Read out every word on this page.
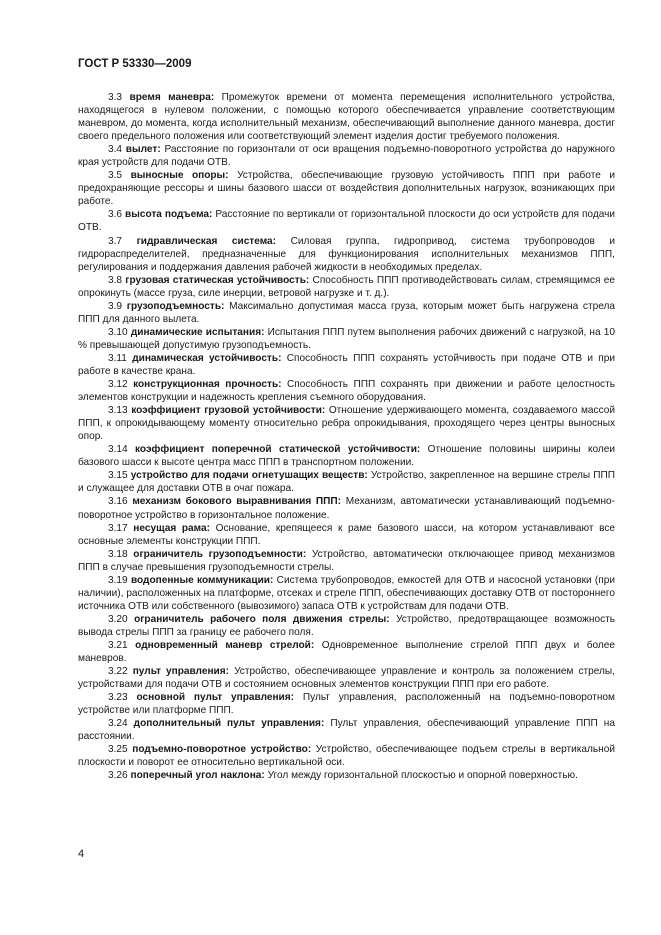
ГОСТ Р 53330—2009

3.3 время маневра: Промежуток времени от момента перемещения исполнительного устройства, находящегося в нулевом положении, с помощью которого обеспечивается управление соответствующим маневром, до момента, когда исполнительный механизм, обеспечивающий выполнение данного маневра, достиг своего предельного положения или соответствующий элемент изделия достиг требуемого положения.

3.4 вылет: Расстояние по горизонтали от оси вращения подъемно-поворотного устройства до наружного края устройств для подачи ОТВ.

3.5 выносные опоры: Устройства, обеспечивающие грузовую устойчивость ППП при работе и предохраняющие рессоры и шины базового шасси от воздействия дополнительных нагрузок, возникающих при работе.

3.6 высота подъема: Расстояние по вертикали от горизонтальной плоскости до оси устройств для подачи ОТВ.

3.7 гидравлическая система: Силовая группа, гидропривод, система трубопроводов и гидрораспределителей, предназначенные для функционирования исполнительных механизмов ППП, регулирования и поддержания давления рабочей жидкости в необходимых пределах.

3.8 грузовая статическая устойчивость: Способность ППП противодействовать силам, стремящимся ее опрокинуть (массе груза, силе инерции, ветровой нагрузке и т. д.).

3.9 грузоподъемность: Максимально допустимая масса груза, которым может быть нагружена стрела ППП для данного вылета.

3.10 динамические испытания: Испытания ППП путем выполнения рабочих движений с нагрузкой, на 10 % превышающей допустимую грузоподъемность.

3.11 динамическая устойчивость: Способность ППП сохранять устойчивость при подаче ОТВ и при работе в качестве крана.

3.12 конструкционная прочность: Способность ППП сохранять при движении и работе целостность элементов конструкции и надежность крепления съемного оборудования.

3.13 коэффициент грузовой устойчивости: Отношение удерживающего момента, создаваемого массой ППП, к опрокидывающему моменту относительно ребра опрокидывания, проходящего через центры выносных опор.

3.14 коэффициент поперечной статической устойчивости: Отношение половины ширины колеи базового шасси к высоте центра масс ППП в транспортном положении.

3.15 устройство для подачи огнетушащих веществ: Устройство, закрепленное на вершине стрелы ППП и служащее для доставки ОТВ в очаг пожара.

3.16 механизм бокового выравнивания ППП: Механизм, автоматически устанавливающий подъемно-поворотное устройство в горизонтальное положение.

3.17 несущая рама: Основание, крепящееся к раме базового шасси, на котором устанавливают все основные элементы конструкции ППП.

3.18 ограничитель грузоподъемности: Устройство, автоматически отключающее привод механизмов ППП в случае превышения грузоподъемности стрелы.

3.19 водопенные коммуникации: Система трубопроводов, емкостей для ОТВ и насосной установки (при наличии), расположенных на платформе, отсеках и стреле ППП, обеспечивающих доставку ОТВ от постороннего источника ОТВ или собственного (вывозимого) запаса ОТВ к устройствам для подачи ОТВ.

3.20 ограничитель рабочего поля движения стрелы: Устройство, предотвращающее возможность вывода стрелы ППП за границу ее рабочего поля.

3.21 одновременный маневр стрелой: Одновременное выполнение стрелой ППП двух и более маневров.

3.22 пульт управления: Устройство, обеспечивающее управление и контроль за положением стрелы, устройствами для подачи ОТВ и состоянием основных элементов конструкции ППП при его работе.

3.23 основной пульт управления: Пульт управления, расположенный на подъемно-поворотном устройстве или платформе ППП.

3.24 дополнительный пульт управления: Пульт управления, обеспечивающий управление ППП на расстоянии.

3.25 подъемно-поворотное устройство: Устройство, обеспечивающее подъем стрелы в вертикальной плоскости и поворот ее относительно вертикальной оси.

3.26 поперечный угол наклона: Угол между горизонтальной плоскостью и опорной поверхностью.

4
